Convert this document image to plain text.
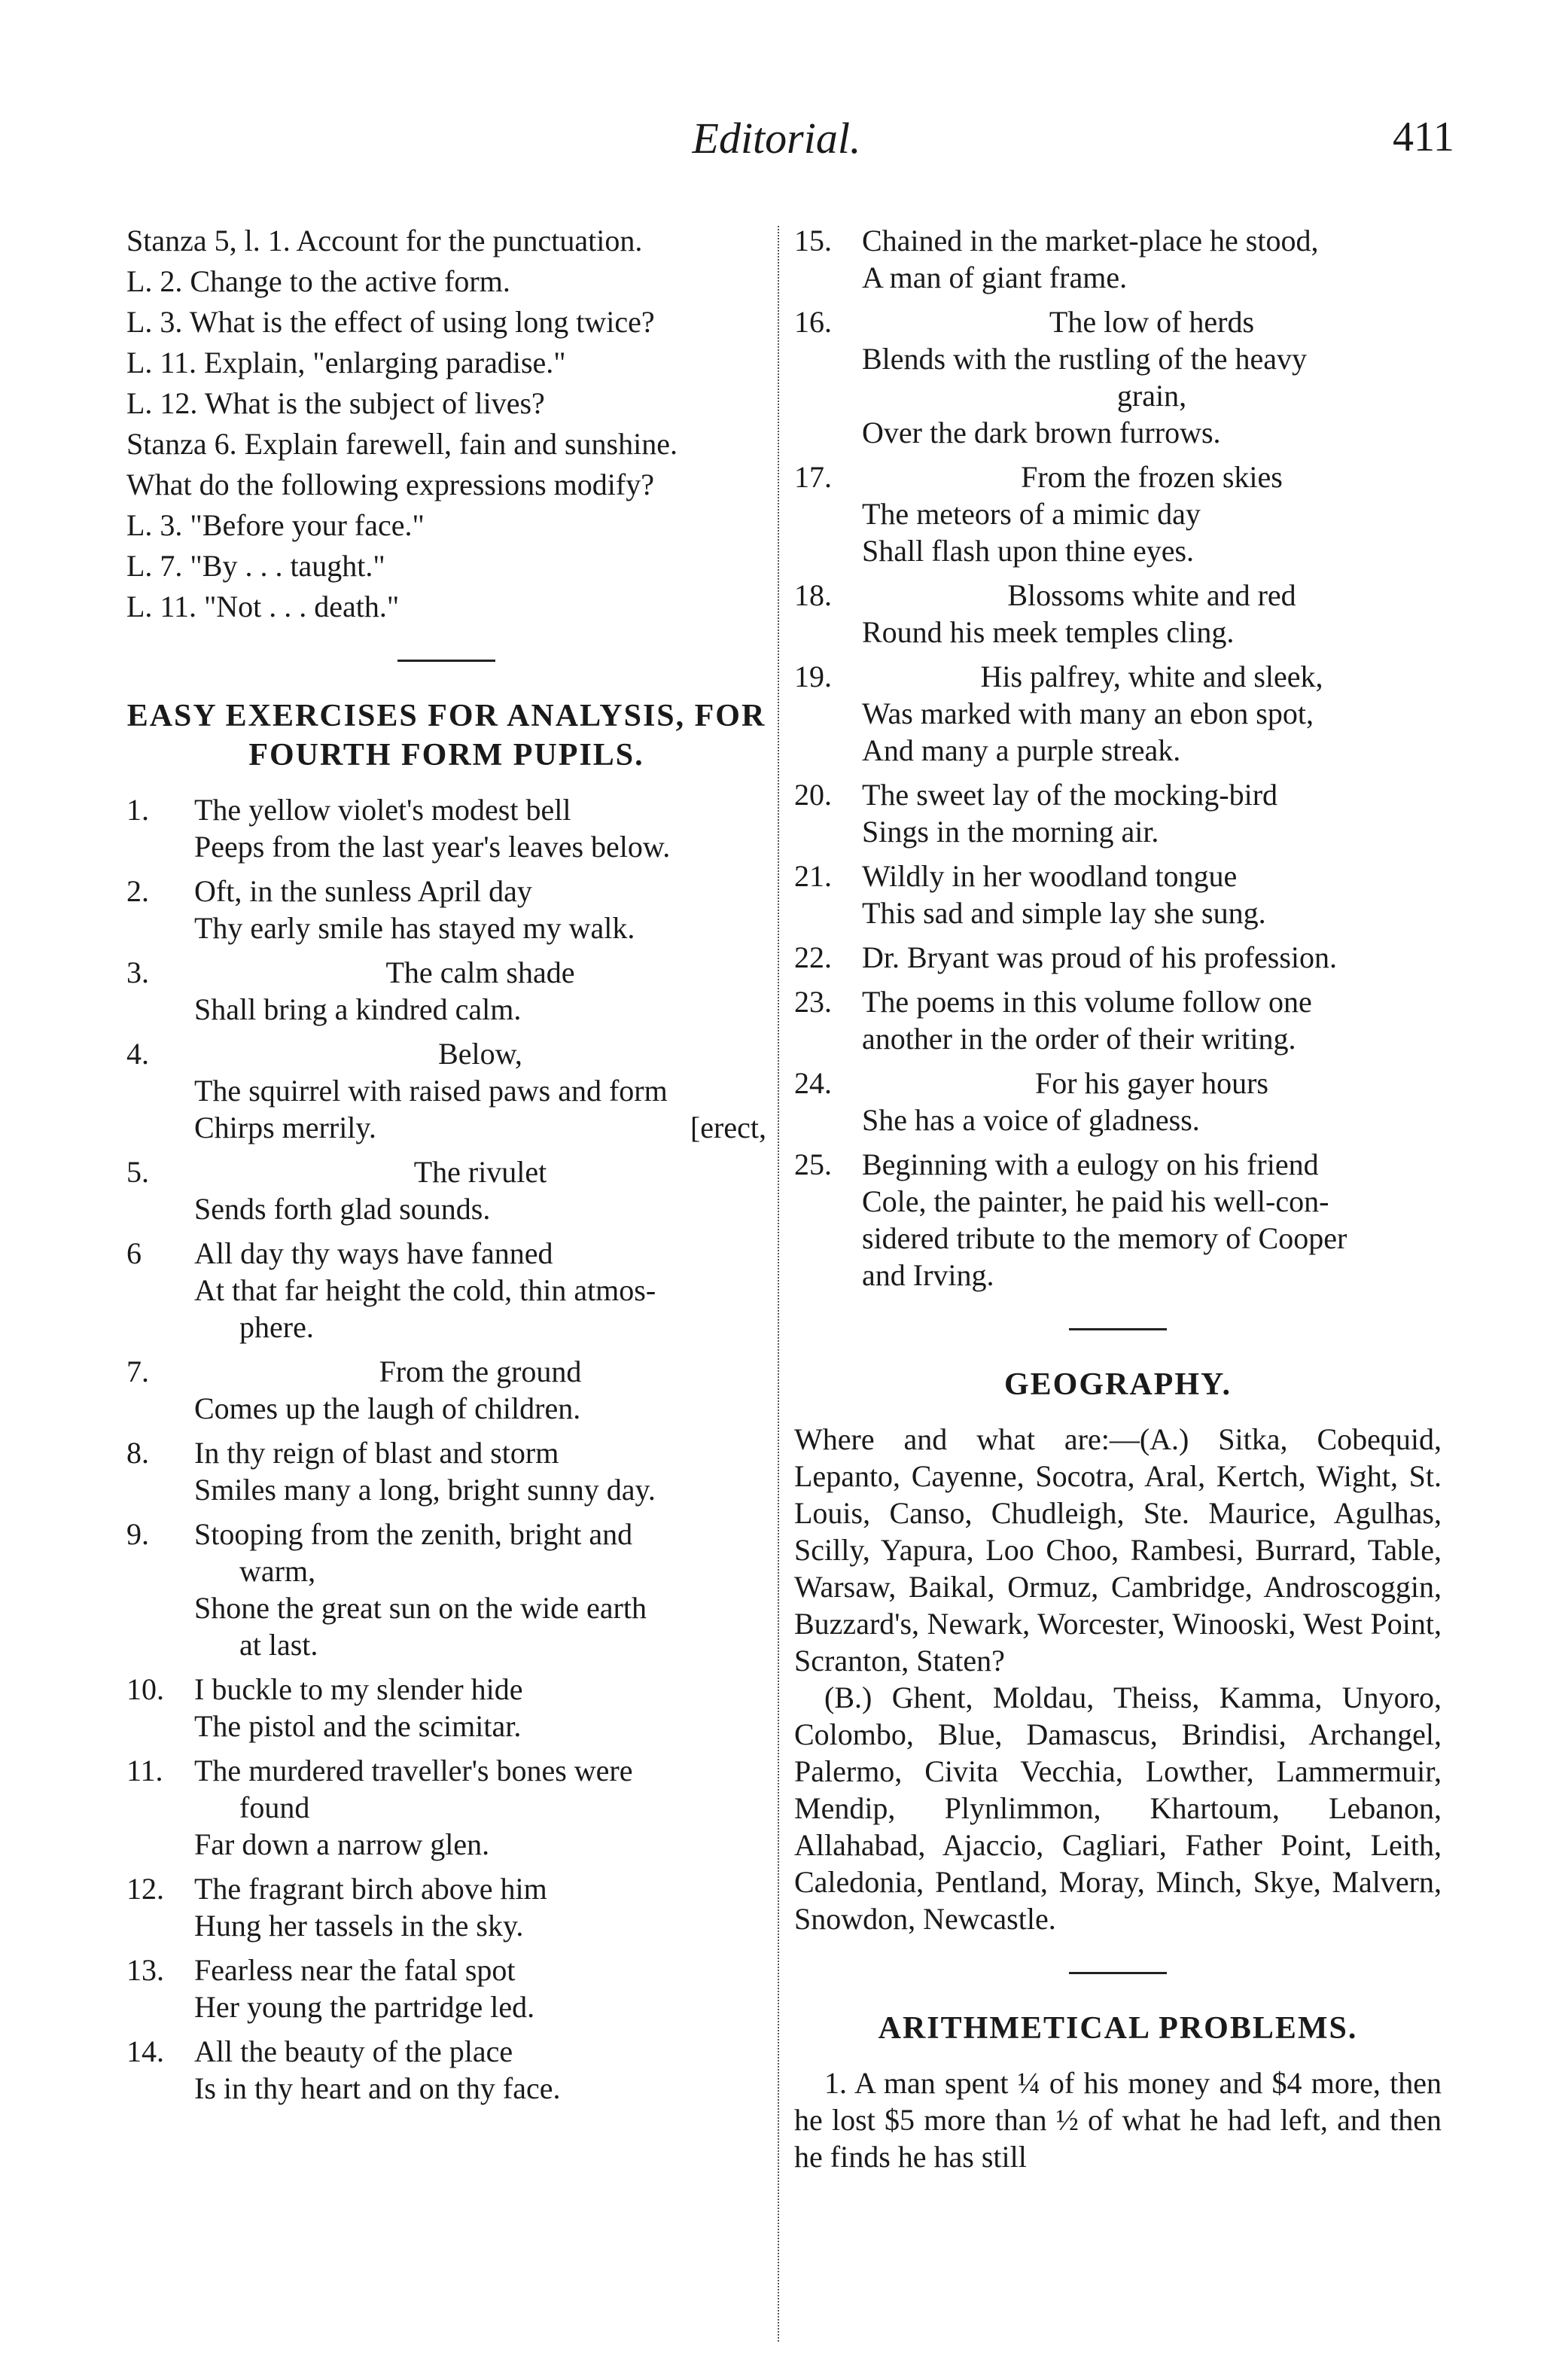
Editorial.	411

Stanza 5, l. 1. Account for the punctuation.

L. 2. Change to the active form.

L. 3. What is the effect of using long twice?

L. 11. Explain, "enlarging paradise."

L. 12. What is the subject of lives?

Stanza 6. Explain farewell, fain and sunshine.

What do the following expressions modify?

L. 3. "Before your face."

L. 7. "By . . . taught."

L. 11. "Not . . . death."

EASY EXERCISES FOR ANALYSIS, FOR FOURTH FORM PUPILS.
1.	The yellow violet's modest bell

Peeps from the last year's leaves below.

2.	Oft, in the sunless April day

Thy early smile has stayed my walk.

3.	The calm shade

Shall bring a kindred calm.

4.	Below,

The squirrel with raised paws and form

Chirps merrily.	[erect,

5.	The rivulet

Sends forth glad sounds.

6	All day thy ways have fanned

At that far height the cold, thin atmos-

phere.

7.	From the ground

Comes up the laugh of children.

8.	In thy reign of blast and storm

Smiles many a long, bright sunny day.

9.	Stooping from the zenith, bright and

warm,

Shone the great sun on the wide earth

at last.

10.	I buckle to my slender hide

The pistol and the scimitar.

11.	The murdered traveller's bones were

found

Far down a narrow glen.

12.	The fragrant birch above him

Hung her tassels in the sky.

13.	Fearless near the fatal spot

Her young the partridge led.

14.	All the beauty of the place

Is in thy heart and on thy face.

15.	Chained in the market-place he stood,

A man of giant frame.

16.	The low of herds

Blends with the rustling of the heavy

grain,

Over the dark brown furrows.

17.	From the frozen skies

The meteors of a mimic day

Shall flash upon thine eyes.

18.	Blossoms white and red

Round his meek temples cling.

19.	His palfrey, white and sleek,

Was marked with many an ebon spot,

And many a purple streak.

20.	The sweet lay of the mocking-bird

Sings in the morning air.

21.	Wildly in her woodland tongue

This sad and simple lay she sung.

22.	Dr. Bryant was proud of his profession.

23.	The poems in this volume follow one

another in the order of their writing.

24.	For his gayer hours

She has a voice of gladness.

25.	Beginning with a eulogy on his friend

Cole, the painter, he paid his well-con-

sidered tribute to the memory of Cooper

and Irving.

GEOGRAPHY.

Where and what are:—(A.) Sitka, Cobequid, Lepanto, Cayenne, Socotra, Aral, Kertch, Wight, St. Louis, Canso, Chudleigh, Ste. Maurice, Agulhas, Scilly, Yapura, Loo Choo, Rambesi, Burrard, Table, Warsaw, Baikal, Ormuz, Cambridge, Androscoggin, Buzzard's, Newark, Worcester, Winooski, West Point, Scranton, Staten?

(B.) Ghent, Moldau, Theiss, Kamma, Unyoro, Colombo, Blue, Damascus, Brindisi, Archangel, Palermo, Civita Vecchia, Lowther, Lammermuir, Mendip, Plynlimmon, Khartoum, Lebanon, Allahabad, Ajaccio, Cagliari, Father Point, Leith, Caledonia, Pentland, Moray, Minch, Skye, Malvern, Snowdon, Newcastle.

ARITHMETICAL PROBLEMS.

1. A man spent ¼ of his money and $4 more, then he lost $5 more than ½ of what he had left, and then he finds he has still
